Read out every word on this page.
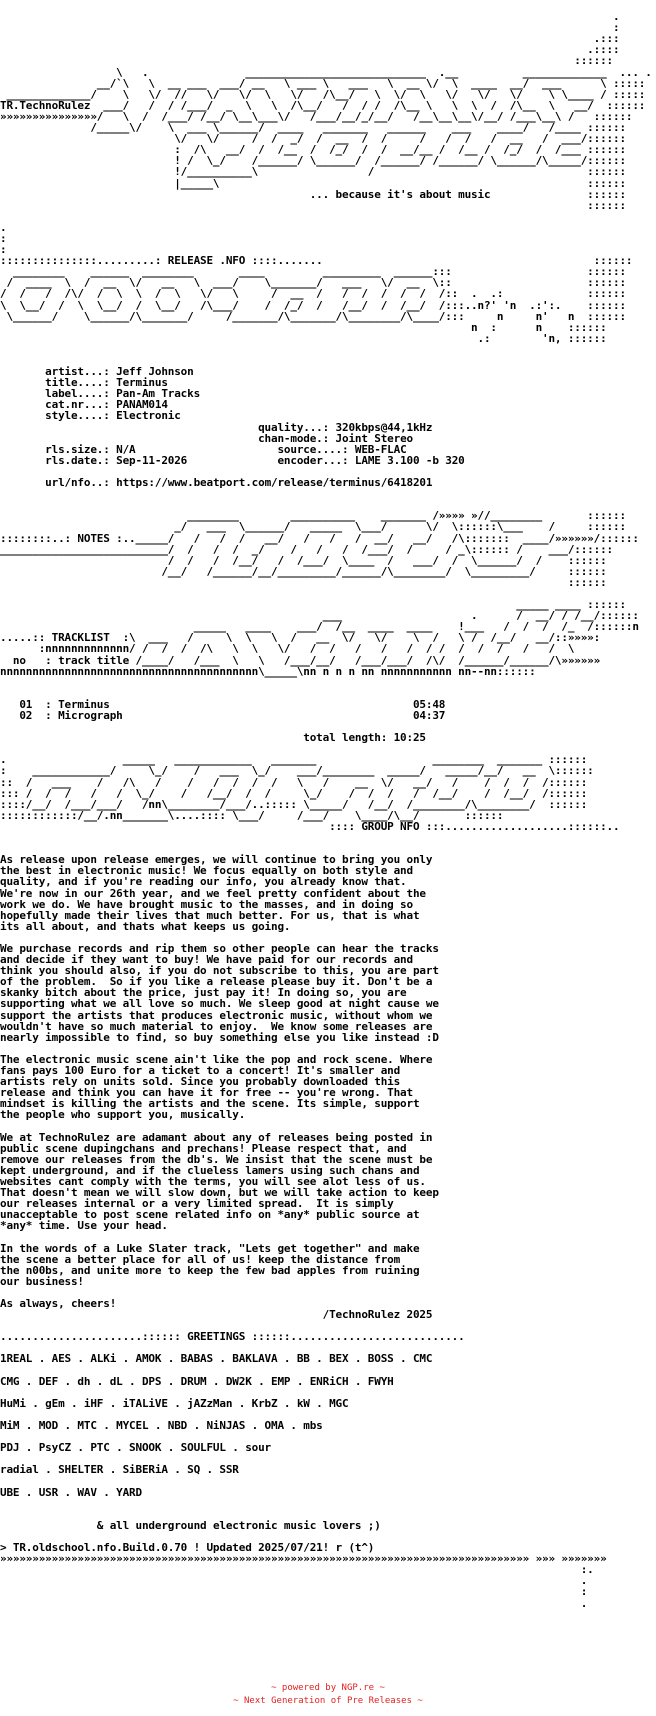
.
:
.:::
.::::
::::::
\   .               ____________________________  .__          _____________  ... .
__/`\   \  __ ___  ___/ __   \ ___ \   ___   \  __ \/  \  ____  __/  ___      \ :::::
_____________/    \   \/  //   \/   \/  \   \/   /\__/   \  \/  \   \/   \/   \/    \ \____ / :::::
TR.TechnoRulez  ___/   /  / /___/  _  \   \  /\__/   /  / /  /\__ \   \  \  /  /\__  \   __/  ::::::
»»»»»»»»»»»»»»»/   \  /  /___/ /__/ \__\___\/   /___/__/_/__/   /__\__\__\/__/ /___\__\ /   ::::::
/_____\/    \  ___ \______/  ____   _______   ______    ___    ____/   /____ ::::::
\/   \/     /  /  _/  /  __  /  /     /   /  /   /  __   /  ___/::::::
:  /\   __/  /  /__  /  /_/  /  /  __/__ /  /__ /  /_/  /  /___ ::::::
! /  \_/    /______/ \______/  /______/ /______/ \______/\_____/::::::
!/__________\                 /                                 ::::::
|_____\                                                         ::::::
... because it's about music               ::::::
::::::

.
:
:
:::::::::::::::.........: RELEASE .NFO ::::.......                                          ::::::
________    ______  ________       ____         _________  ______:::                     ::::::
/  ____  \  /  __  \/   __   \  ___/    \_______/   ___   \/  __  \::                     ::::::
/  /   /  /\/  /  \  \  /  \   \/   \     /  __  /   /  /  /  /  /  /::  .  .:             ::::::
\  \__/  /  \  \__/  /  \__/   /\___/    /  /_/  /   /__/  /  /__/  /:::..n?' 'n  .:':.    ::::::
\______/    \______/\_______/     /_______/\_______/\________/\____/:::     n     n'   n  ::::::
n  :      n    ::::::
.:        'n, ::::::

artist...: Jeff Johnson
title....: Terminus
label....: Pan-Am Tracks
cat.nr...: PANAM014
style....: Electronic
quality...: 320kbps@44,1kHz
chan-mode.: Joint Stereo
rls.size.: N/A                      source....: WEB-FLAC
rls.date.: Sep-11-2026              encoder...: LAME 3.100 -b 320

url/nfo..: https://www.beatport.com/release/terminus/6418201

________        __________    _______ /»»»» »//________       ::::::
_/   ___  \______/   _____  \___/      \/  \::::::\___    /     ::::::
::::::::..: NOTES :.._____/   /   /  /   __/   /   /   /  __/   __/   /\:::::::  ____/»»»»»»/::::::
__________________________/  /   /  /  _/    /   /   /  /___/  /     / _\:::::: /    ___/::::::
/  /   /  /__/   /  /___/  \____  /   ___/  /  \______/  /    ::::::
/__/   /______/__/_________/______/\________/  \_________/     ::::::
::::::

_____ ____ ::::::
___                    .      /  __/ / /__/::::::
_____   ____    ___/  /__  ____  ____    !___   /  /  /  /_  /::::::n
.....:: TRACKLIST  :\  ___   /     \  \   \  /   __  \/   \/    \  /   \ /  /__/   __/::»»»»:
:nnnnnnnnnnnnn/ /  /  /  /\   \  \   \/   /  /   /   /   /  / /  /  /  /   /   /  \
no   : track title /____/   /___  \   \   /___/__/   /___/___/  /\/  /______/______/\»»»»»»
nnnnnnnnnnnnnnnnnnnnnnnnnnnnnnnnnnnnnnnn\_____\nn n n n nn nnnnnnnnnnn nn--nn::::::

01  : Terminus	05:48
02  : Micrograph	04:37

total length: 10:25

.                  _____   ____________   _______                  ________  _______ ::::::
:    ____________/     \_/    /   ___  \_/    ___/________  _____/   _____/__/   __  \::::::
::  /   ___    /   /\   /    /   /  /  /  /   \   /    __  \/   __/   /    /  /  /  /::::::
::: /  /  /   /   /  \_/    /   /__/  /  /     \_/    /  /  /   /  /__/    /  /__/  /::::::
::::/__/  /___/___/   /nn\________/___/..::::: \_____/   /__/  /________/\________/  ::::::
::::::::::::/__/.nn_______\....:::: \___/     /___/    \____/\__/       ::::::
:::: GROUP NFO :::...................::::::..

As release upon release emerges, we will continue to bring you only
the best in electronic music! We focus equally on both style and
quality, and if you're reading our info, you already know that.
We're now in our 26th year, and we feel pretty confident about the
work we do. We have brought music to the masses, and in doing so
hopefully made their lives that much better. For us, that is what
its all about, and thats what keeps us going.

We purchase records and rip them so other people can hear the tracks
and decide if they want to buy! We have paid for our records and
think you should also, if you do not subscribe to this, you are part
of the problem.  So if you like a release please buy it. Don't be a
skanky bitch about the price, just pay it! In doing so, you are
supporting what we all love so much. We sleep good at night cause we
support the artists that produces electronic music, without whom we
wouldn't have so much material to enjoy.  We know some releases are
nearly impossible to find, so buy something else you like instead :D

The electronic music scene ain't like the pop and rock scene. Where
fans pays 100 Euro for a ticket to a concert! It's smaller and
artists rely on units sold. Since you probably downloaded this
release and think you can have it for free -- you're wrong. That
mindset is killing the artists and the scene. Its simple, support
the people who support you, musically.

We at TechnoRulez are adamant about any of releases being posted in
public scene dupingchans and prechans! Please respect that, and
remove our releases from the db's. We insist that the scene must be
kept underground, and if the clueless lamers using such chans and
websites cant comply with the terms, you will see alot less of us.
That doesn't mean we will slow down, but we will take action to keep
our releases internal or a very limited spread.  It is simply
unacceptable to post scene related info on *any* public source at
*any* time. Use your head.

In the words of a Luke Slater track, "Lets get together" and make
the scene a better place for all of us! keep the distance from
the n00bs, and unite more to keep the few bad apples from ruining
our business!

As always, cheers!
/TechnoRulez 2025

......................:::::: GREETINGS ::::::...........................

1REAL . AES . ALKi . AMOK . BABAS . BAKLAVA . BB . BEX . BOSS . CMC

CMG . DEF . dh . dL . DPS . DRUM . DW2K . EMP . ENRiCH . FWYH

HuMi . gEm . iHF . iTALiVE . jAZzMan . KrbZ . kW . MGC

MiM . MOD . MTC . MYCEL . NBD . NiNJAS . OMA . mbs

PDJ . PsyCZ . PTC . SNOOK . SOULFUL . sour

radial . SHELTER . SiBERiA . SQ . SSR

UBE . USR . WAV . YARD

& all underground electronic music lovers ;)

> TR.oldschool.nfo.Build.0.70 ! Updated 2025/07/21! r (t^)
»»»»»»»»»»»»»»»»»»»»»»»»»»»»»»»»»»»»»»»»»»»»»»»»»»»»»»»»»»»»»»»»»»»»»»»»»»»»»»»»»» »»» »»»»»»»
:.
.
:
.

~ powered by NGP.re ~
~ Next Generation of Pre Releases ~
